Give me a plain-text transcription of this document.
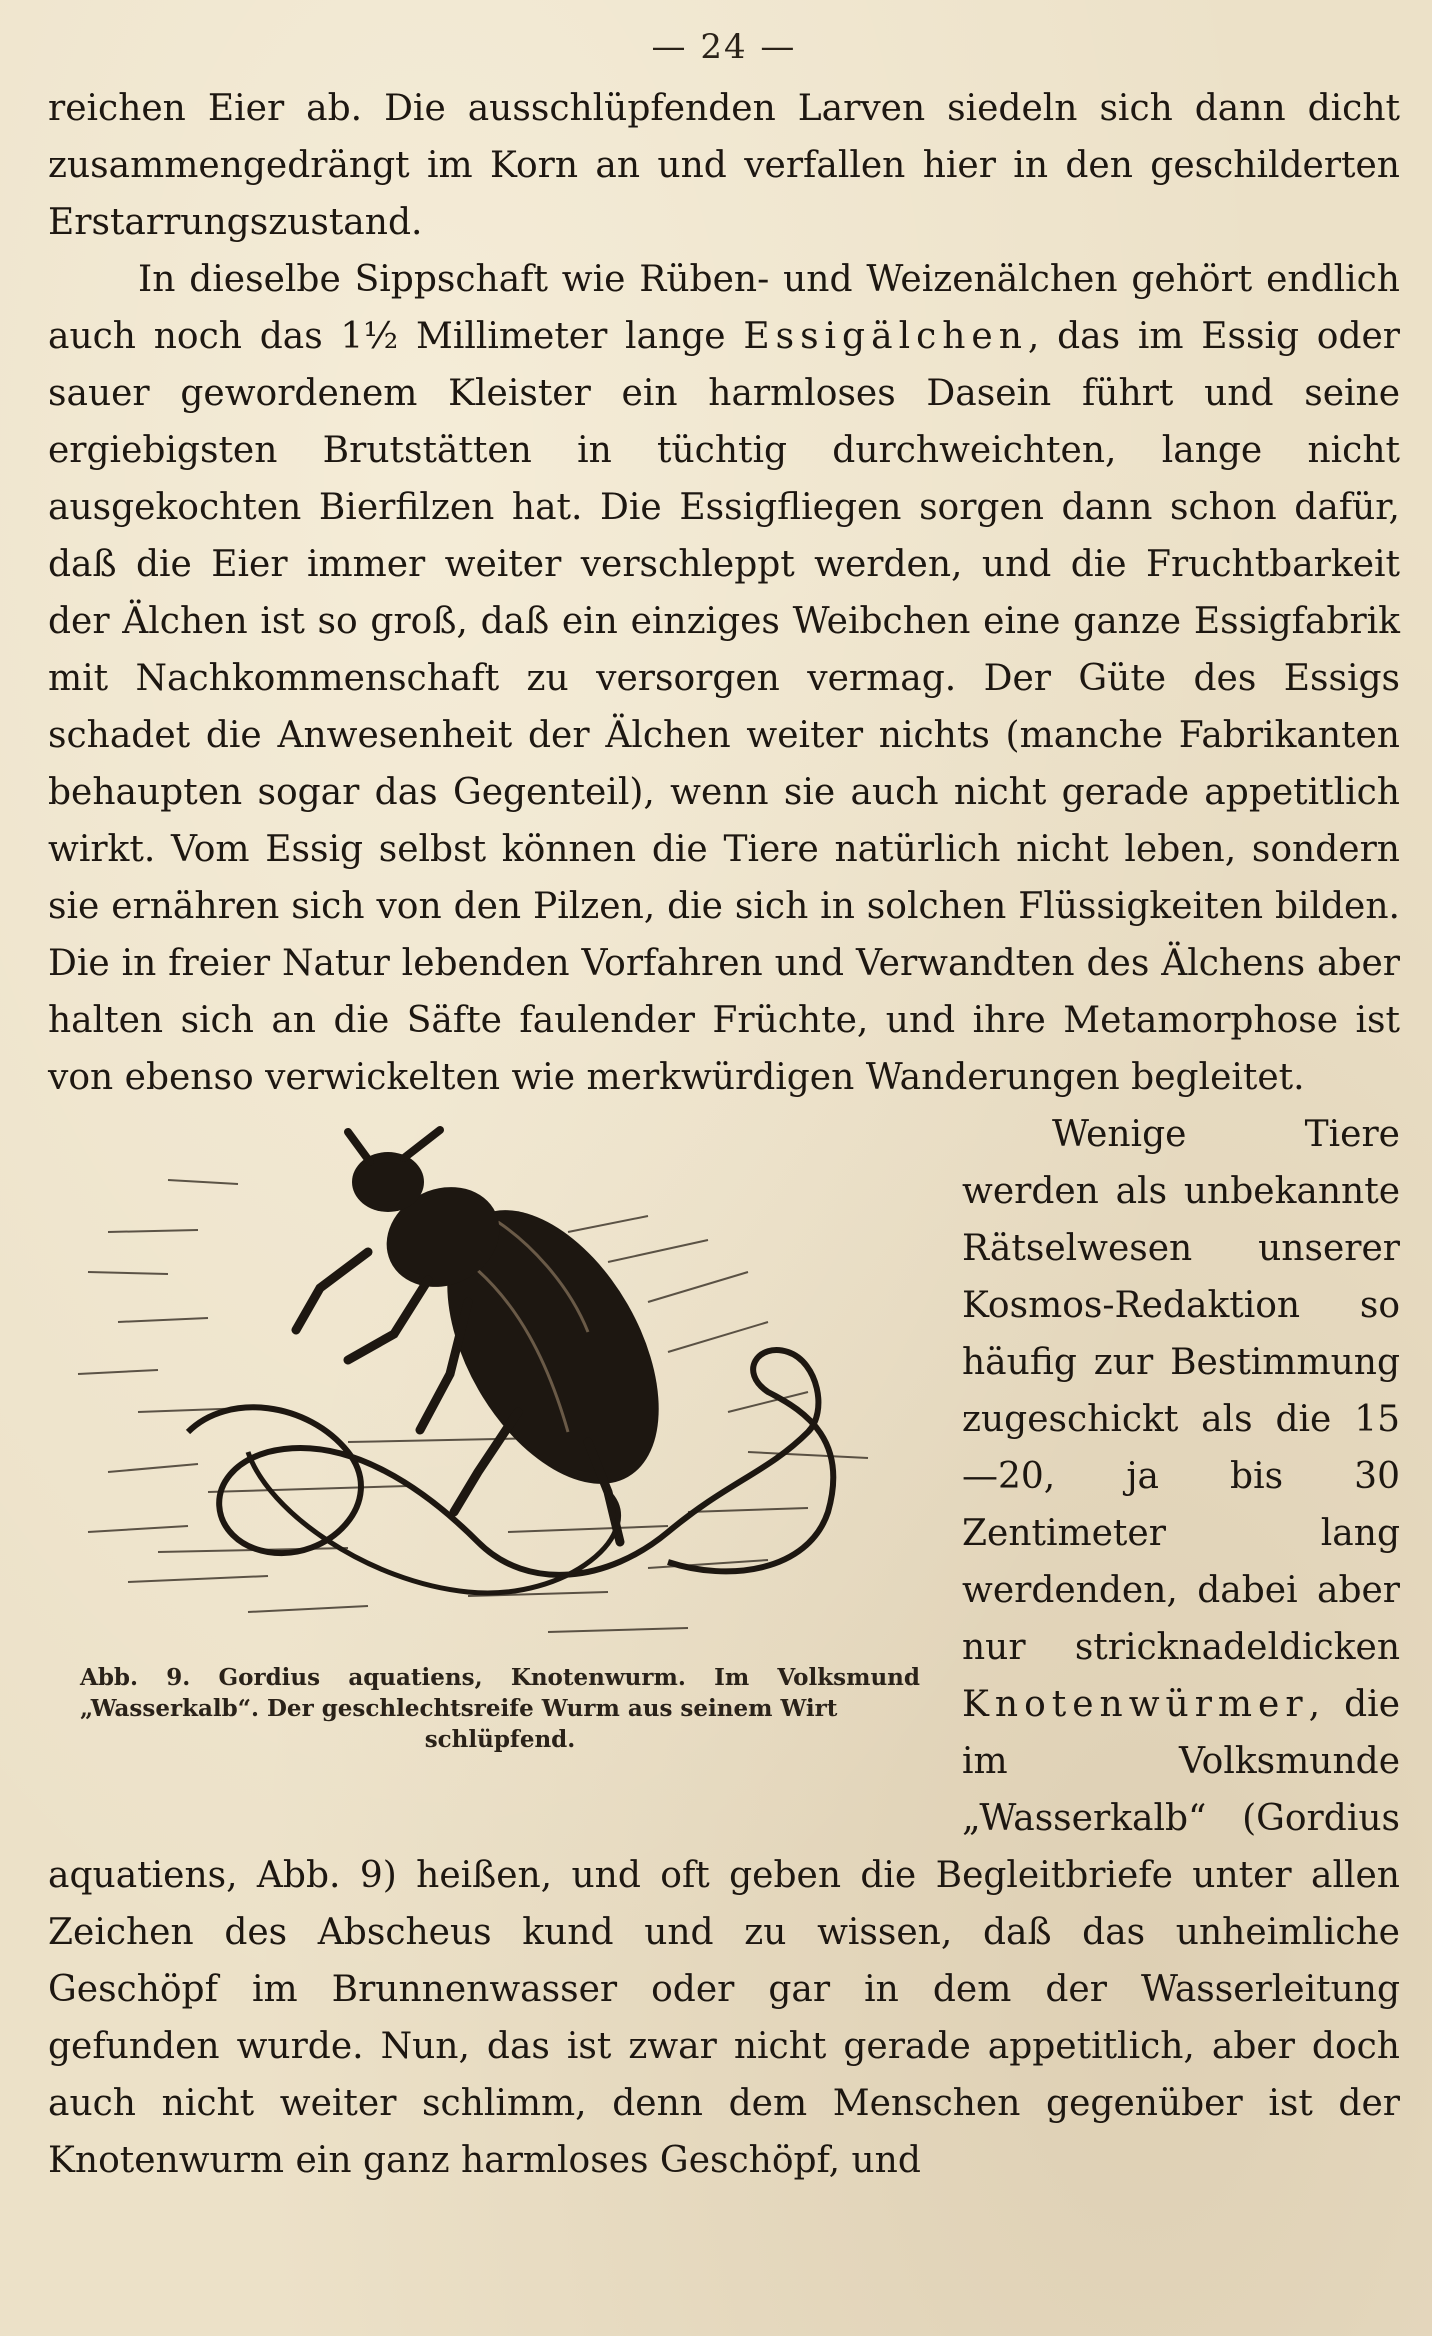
— 24 —

reichen Eier ab. Die ausschlüpfenden Larven siedeln sich dann dicht zusammengedrängt im Korn an und verfallen hier in den geschilderten Erstarrungszustand.

In dieselbe Sippschaft wie Rüben- und Weizenälchen gehört endlich auch noch das 1½ Millimeter lange Essigälchen, das im Essig oder sauer gewordenem Kleister ein harmloses Dasein führt und seine ergiebigsten Brutstätten in tüchtig durchweichten, lange nicht ausgekochten Bierfilzen hat. Die Essigfliegen sorgen dann schon dafür, daß die Eier immer weiter verschleppt werden, und die Fruchtbarkeit der Älchen ist so groß, daß ein einziges Weibchen eine ganze Essigfabrik mit Nachkommenschaft zu versorgen vermag. Der Güte des Essigs schadet die Anwesenheit der Älchen weiter nichts (manche Fabrikanten behaupten sogar das Gegenteil), wenn sie auch nicht gerade appetitlich wirkt. Vom Essig selbst können die Tiere natürlich nicht leben, sondern sie ernähren sich von den Pilzen, die sich in solchen Flüssigkeiten bilden. Die in freier Natur lebenden Vorfahren und Verwandten des Älchens aber halten sich an die Säfte faulender Früchte, und ihre Metamorphose ist von ebenso verwickelten wie merkwürdigen Wanderungen begleitet.

Abb. 9. Gordius aquatiens, Knotenwurm. Im Volksmund „Wasserkalb“. Der geschlechtsreife Wurm aus seinem Wirt
schlüpfend.

Wenige Tiere werden als unbekannte Rätselwesen unserer Kosmos-Redaktion so häufig zur Bestimmung zugeschickt als die 15—20, ja bis 30 Zentimeter lang werdenden, dabei aber nur stricknadeldicken Knotenwürmer, die im Volksmunde „Wasserkalb“ (Gordius aquatiens, Abb. 9) heißen, und oft geben die Begleitbriefe unter allen Zeichen des Abscheus kund und zu wissen, daß das unheimliche Geschöpf im Brunnenwasser oder gar in dem der Wasserleitung gefunden wurde. Nun, das ist zwar nicht gerade appetitlich, aber doch auch nicht weiter schlimm, denn dem Menschen gegenüber ist der Knotenwurm ein ganz harmloses Geschöpf, und
